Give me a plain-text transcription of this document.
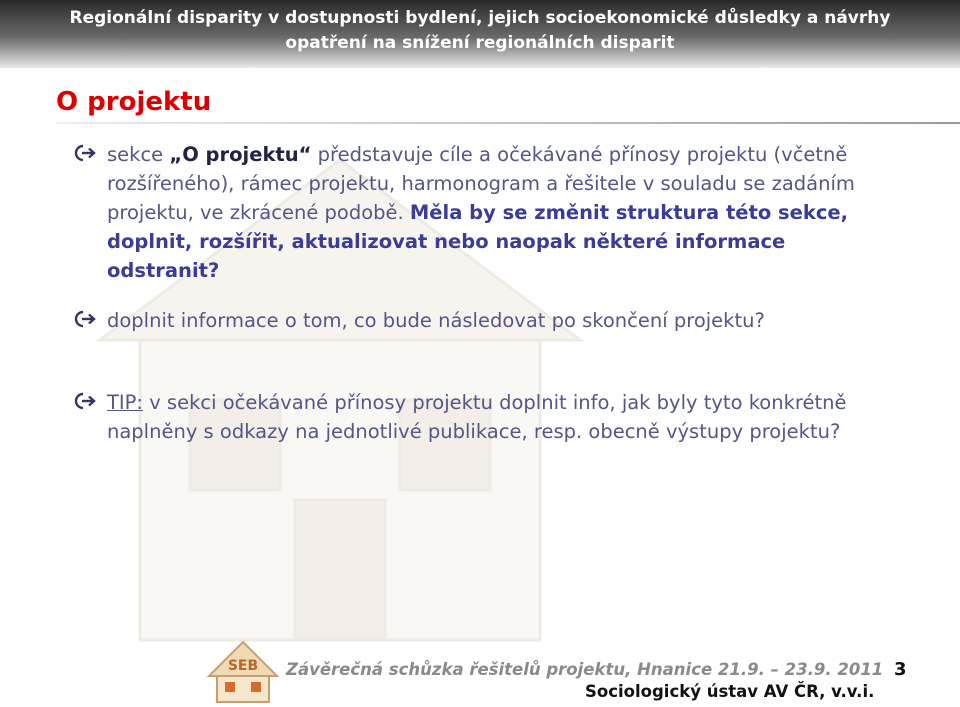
Regionální disparity v dostupnosti bydlení, jejich socioekonomické důsledky a návrhy
opatření na snížení regionálních disparit
O projektu
sekce „O projektu“ představuje cíle a očekávané přínosy projektu (včetně rozšířeného), rámec projektu, harmonogram a řešitele v souladu se zadáním projektu, ve zkrácené podobě. Měla by se změnit struktura této sekce, doplnit, rozšířit, aktualizovat nebo naopak některé informace odstranit?
doplnit informace o tom, co bude následovat po skončení projektu?
TIP: v sekci očekávané přínosy projektu doplnit info, jak byly tyto konkrétně naplněny s odkazy na jednotlivé publikace, resp. obecně výstupy projektu?
SEB Závěrečná schůzka řešitelů projektu, Hnanice 21.9. – 23.9. 2011
Sociologický ústav AV ČR, v.v.i.
3
